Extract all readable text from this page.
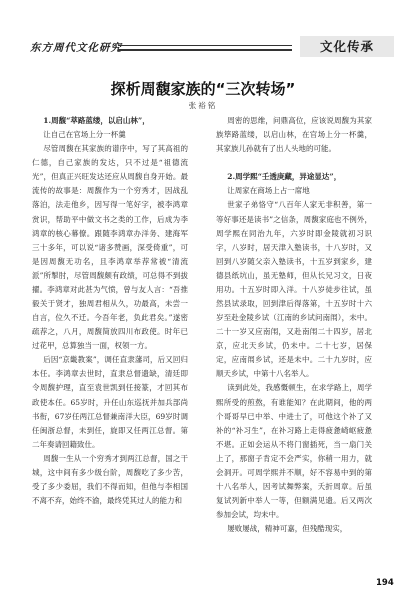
东方周代文化研究	文化传承
探析周馥家族的“三次转场”
张裕铭

1.周馥“萃路蓝缕，以启山林”，

让自己在官场上分一杯羹

尽管周馥在其家族的谱序中，写了其高祖的仁德，自己家族的发达，只不过是“祖德流光”，但真正兴旺发达还应从周馥自身开始。最流传的故事是：周馥作为一个穷秀才，因战乱落泊，法走他乡，因写得一笔好字，被李鸿章赏识，帮助平中做文书之类的工作，后成为李鸿章的核心幕僚。跟随李鸿章办洋务、建海军三十多年，可以说“诸多赞画，深受倚重”，可是因周馥无功名，且李鸿章举荐常被“清流派”所掣肘，尽管周馥颇有政绩，可总得不到拔擢。李鸿章对此甚为气愤，曾与友人言：“吾推毅关于贤才，独周君相从久，功最高，未尝一自言，位久不迁。今吾年老，负此君矣。”遂密疏荐之，八月，周馥简放四川布政使。时年已过花甲，总算独当一面，权领一方。

后因“京畿教案”，调任直隶藩司，后又回归本任。李鸿章去世时，直隶总督遗缺，清廷即令周馥护理，直至袁世凯到任接篆，才回其布政使本任。65岁时，升任山东巡抚并加兵部尚书衔，67岁任两江总督兼南洋大臣，69岁时调任闽浙总督，未到任，旋即又任两江总督。第二年奏请回籍致仕。

周馥一生从一个穷秀才到两江总督，国之干城，这中间有多少级台阶，周馥吃了多少苦，受了多少委屈，我们不得而知，但他与李相国不离不弃，始终不渝，最终凭其过人的能力和

周密的思维，问鼎高位，应该说周馥为其家族筚路蓝缕，以启山林，在官场上分一杯羹，其家族儿孙就有了出人头地的可能。

2.周学熙“壬透庚藏，异途显达”，

让周家在商场上占一席地

世家子弟恪守“八百年人家无非积善，第一等好事还是读书”之信条，周馥家庭也不例外，周学熙在同治九年，六岁时即金陵就初习识字，八岁时，居天津入塾读书，十八岁时，又回到八岁随父亲入塾读书，十五岁到家乡，建德县纸坑山，虽无塾师，但从长兄习文，日夜用功。十五岁时即入洋。十八岁徒步往试，虽然县试录取，回到津后得落第，十五岁时十六岁至赴金陵乡试（江南的乡试问南闱），未中。二十一岁又应南闱，又赴南闱二十四岁，居北京，应北天乡试，仍未中。二十七岁，居保定，应南闱乡试，还是未中。二十九岁时，应顺天乡试，中第十八名举人。

读到此处，我感慨顿生，在求学路上，周学熙所受的煎熬，有谁能知？在此期间，他的两个哥哥早已中举、中进士了，可他这个补了又补的“补习生”，在补习路上走得疲惫崎岖疲惫不堪。正如会运从不将门窗插死，当一扇门关上了，那窗子肯定不会严实，你稍一用力，就会洞开。可周学熙并不顺，好不容易中到的第十八名举人，因考试舞弊案，夭折周章。后虽复试列新中举人一等，但额满见遗。后又两次参加会试，均未中。

屡败屡战，精神可嘉，但残酷现实，

194
